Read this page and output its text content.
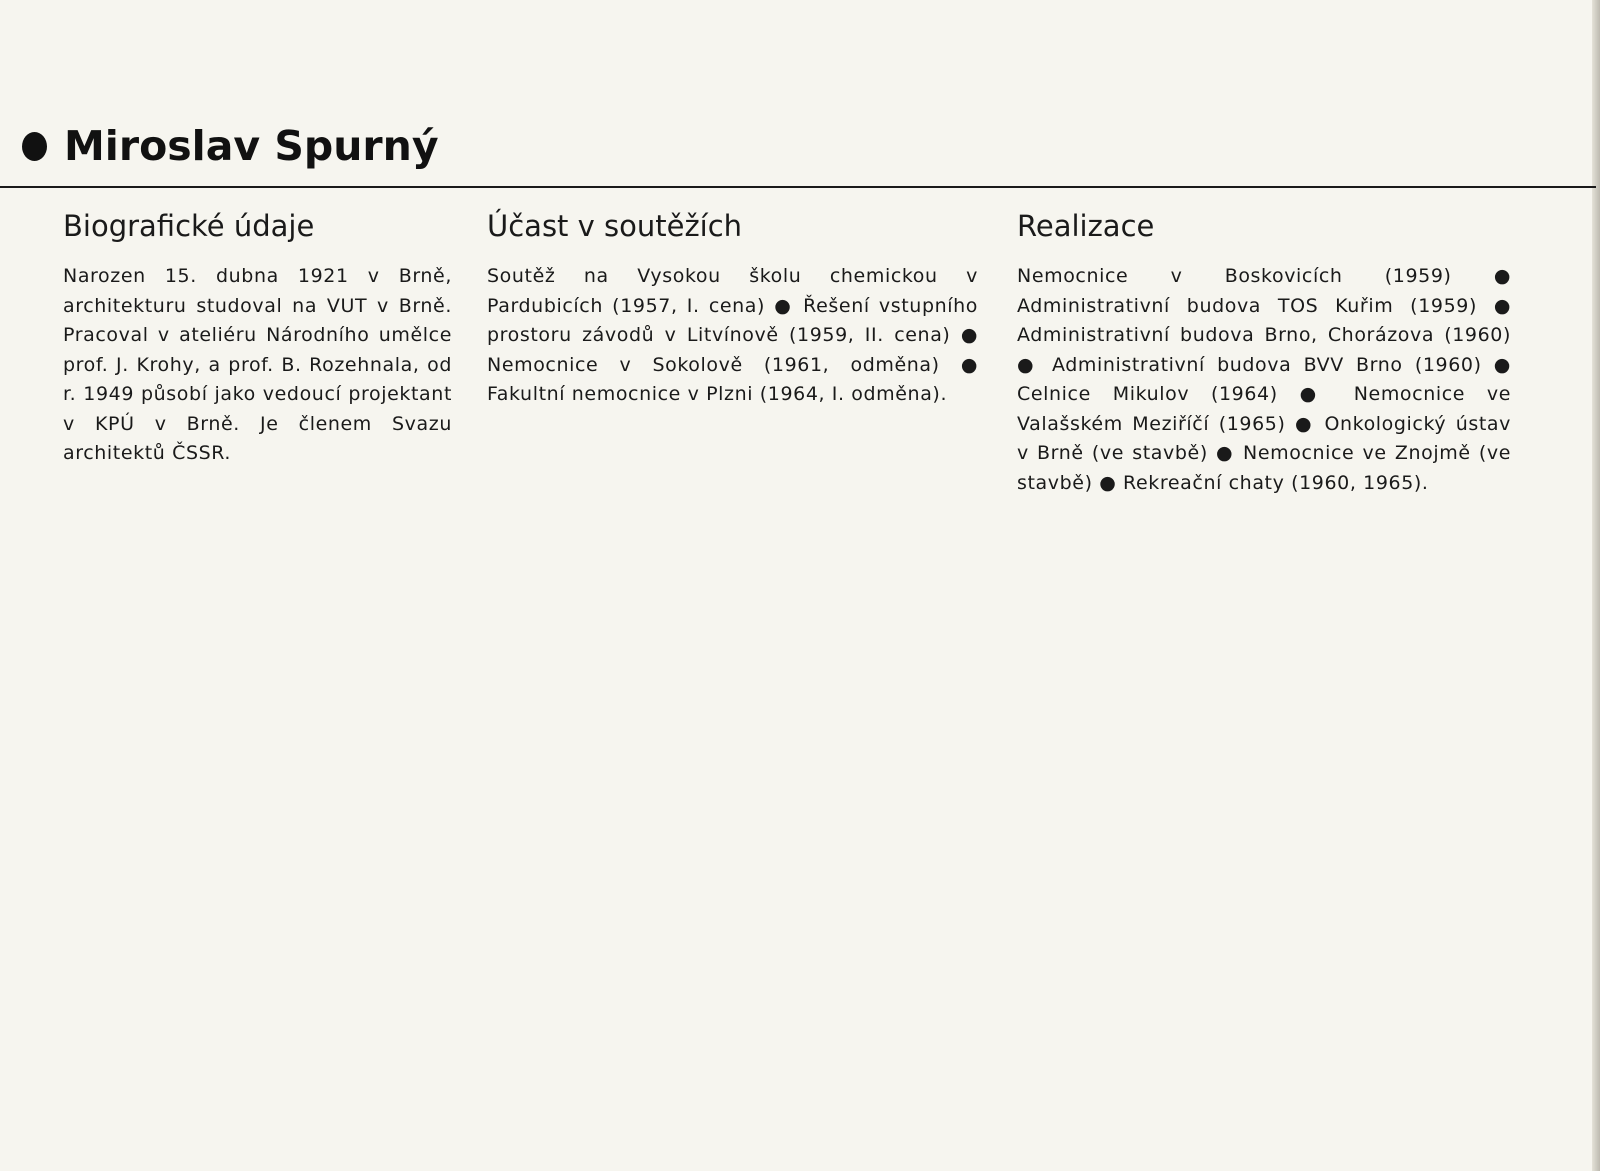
Miroslav Spurný
Biografické údaje

Narozen 15. dubna 1921 v Brně, architekturu studoval na VUT v Brně. Pracoval v ateliéru Národního umělce prof. J. Krohy, a prof. B. Rozehnala, od r. 1949 působí jako vedoucí projektant v KPÚ v Brně. Je členem Svazu architektů ČSSR.

Účast v soutěžích

Soutěž na Vysokou školu chemickou v Pardubicích (1957, I. cena) ● Řešení vstupního prostoru závodů v Litvínově (1959, II. cena) ● Nemocnice v Sokolově (1961, odměna) ● Fakultní nemocnice v Plzni (1964, I. odměna).

Realizace

Nemocnice v Boskovicích (1959) ● Administrativní budova TOS Kuřim (1959) ● Administrativní budova Brno, Chorázova (1960) ● Administrativní budova BVV Brno (1960) ● Celnice Mikulov (1964) ● Nemocnice ve Valašském Meziříčí (1965) ● Onkologický ústav v Brně (ve stavbě) ● Nemocnice ve Znojmě (ve stavbě) ● Rekreační chaty (1960, 1965).
